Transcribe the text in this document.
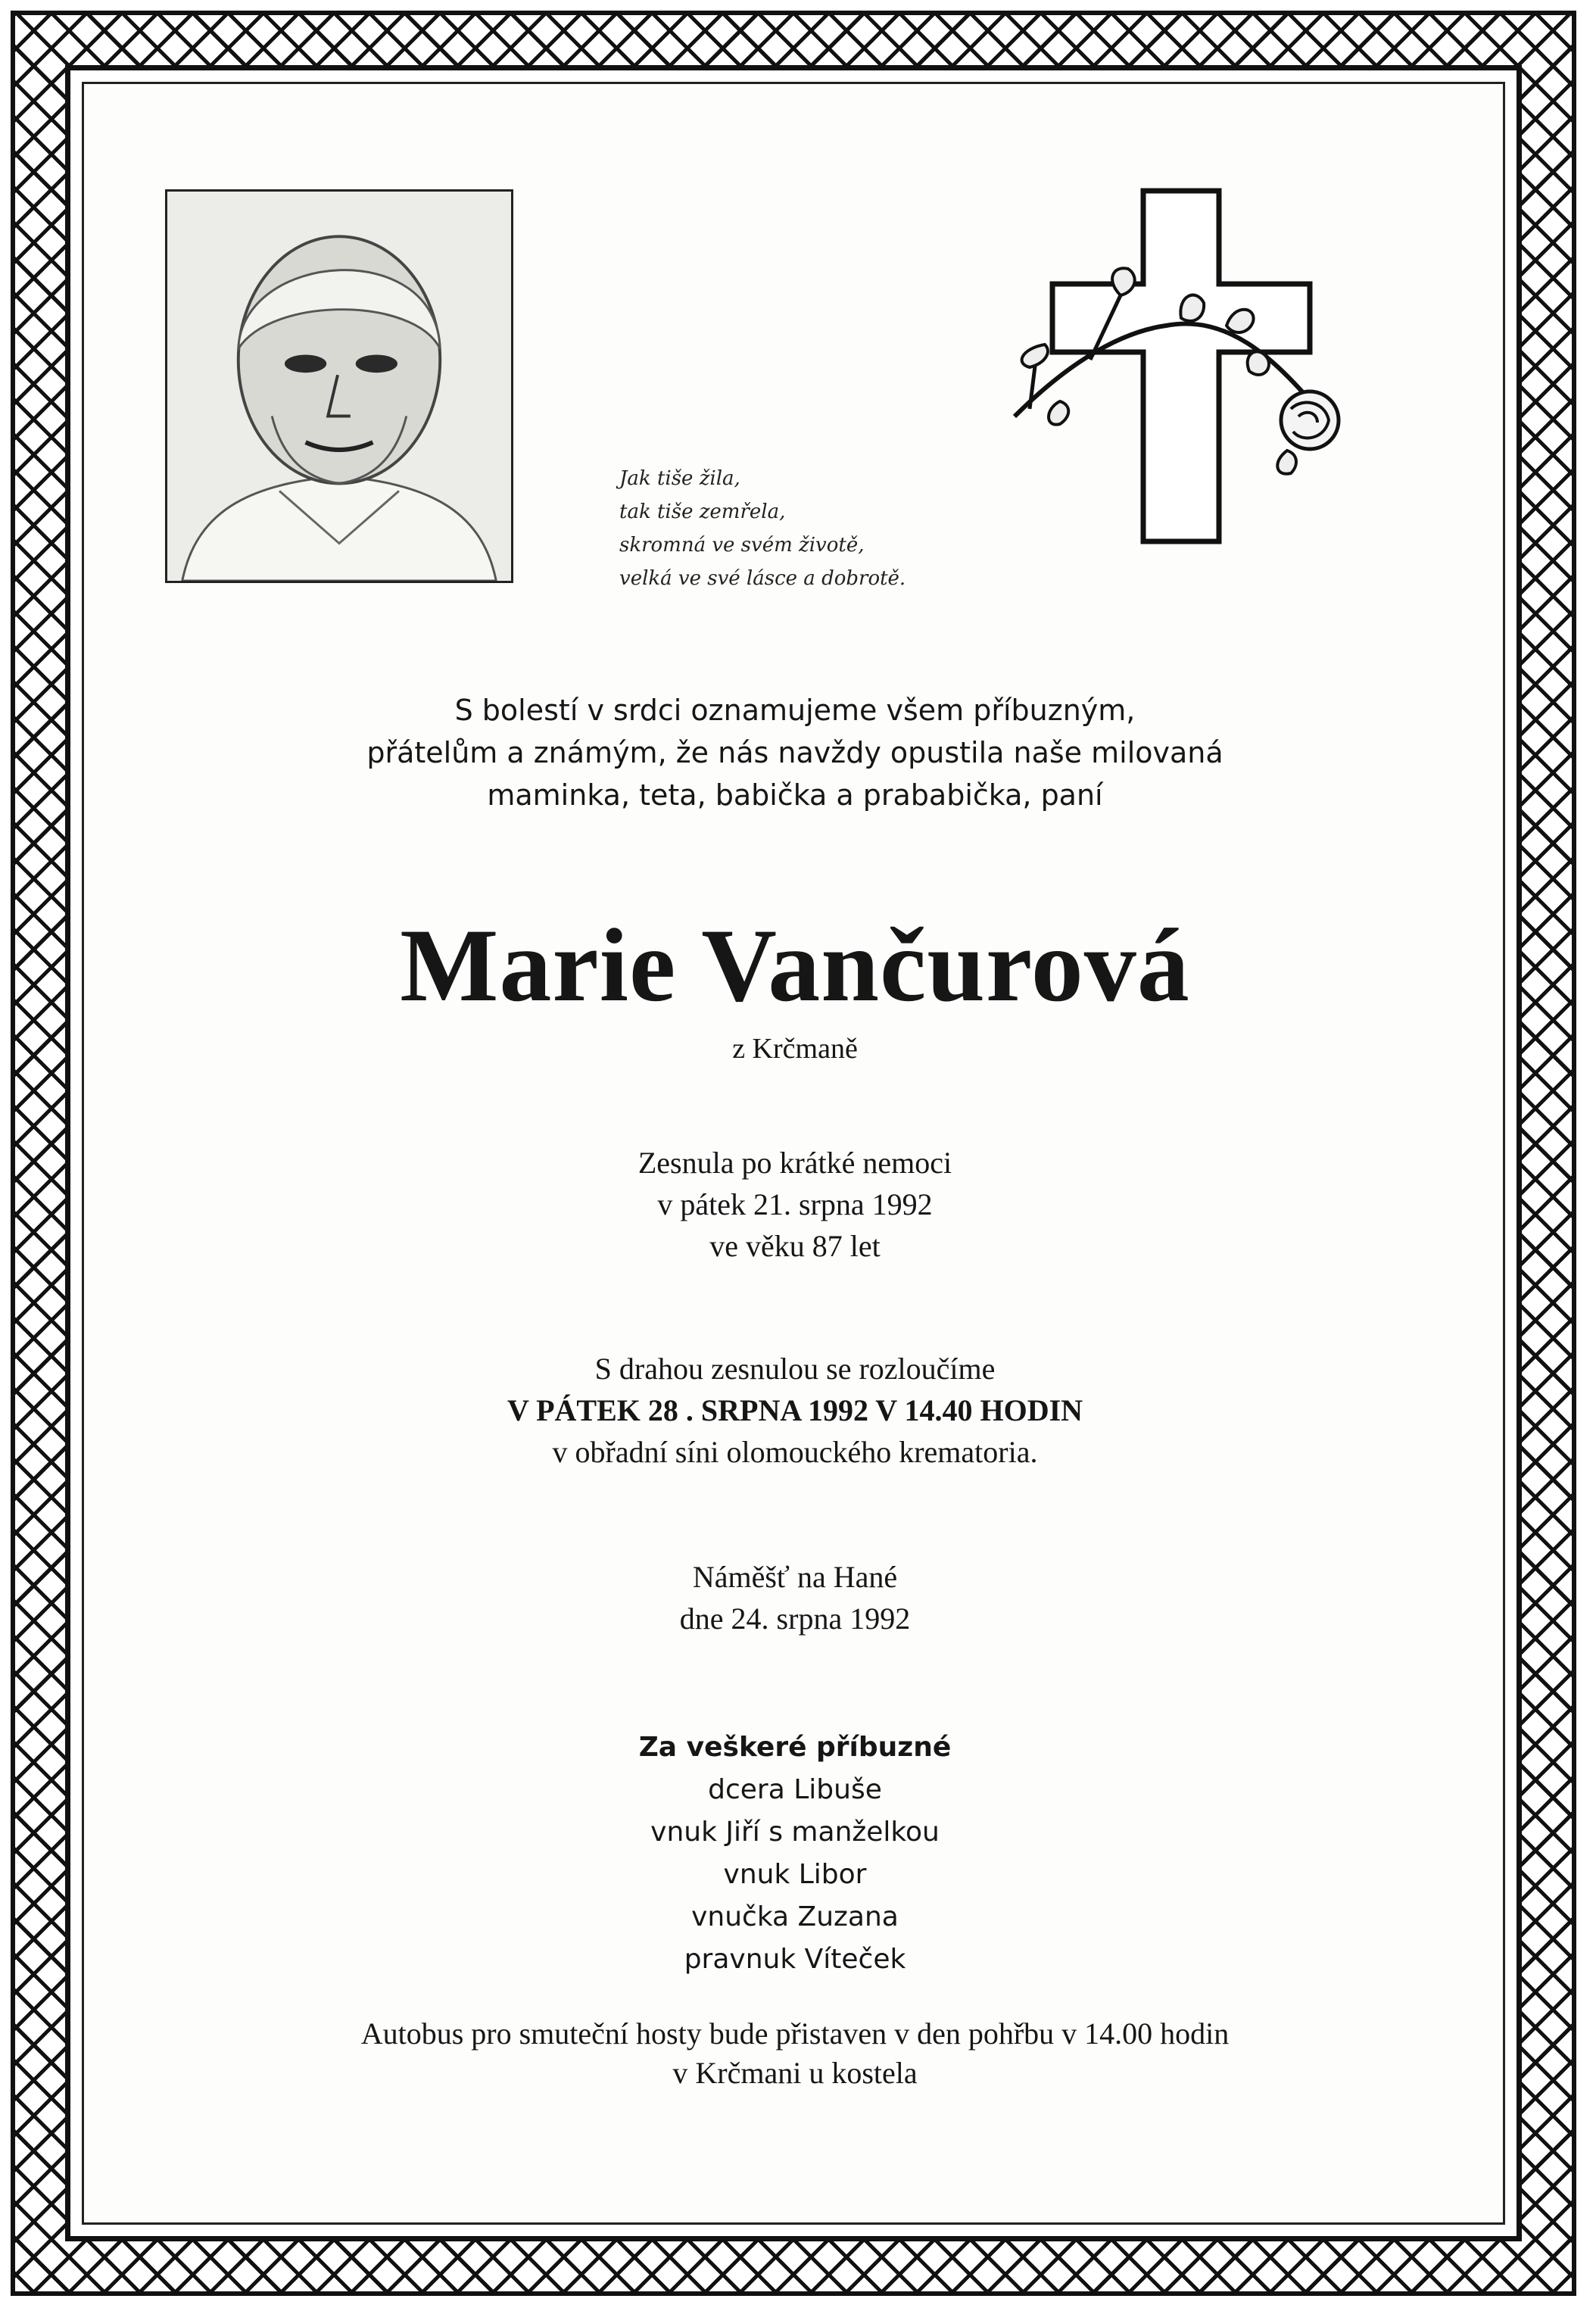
Jak tiše žila,
tak tiše zemřela,
skromná ve svém životě,
velká ve své lásce a dobrotě.
S bolestí v srdci oznamujeme všem příbuzným,
přátelům a známým, že nás navždy opustila naše milovaná
maminka, teta, babička a prababička, paní
Marie Vančurová
z Krčmaně
Zesnula po krátké nemoci
v pátek 21. srpna 1992
ve věku 87 let
S drahou zesnulou se rozloučíme
V PÁTEK 28 . SRPNA 1992 V 14.40 HODIN
v obřadní síni olomouckého krematoria.
Náměšť na Hané
dne 24. srpna 1992
Za veškeré příbuzné
dcera Libuše
vnuk Jiří s manželkou
vnuk Libor
vnučka Zuzana
pravnuk Víteček
Autobus pro smuteční hosty bude přistaven v den pohřbu v 14.00 hodin
v Krčmani u kostela
